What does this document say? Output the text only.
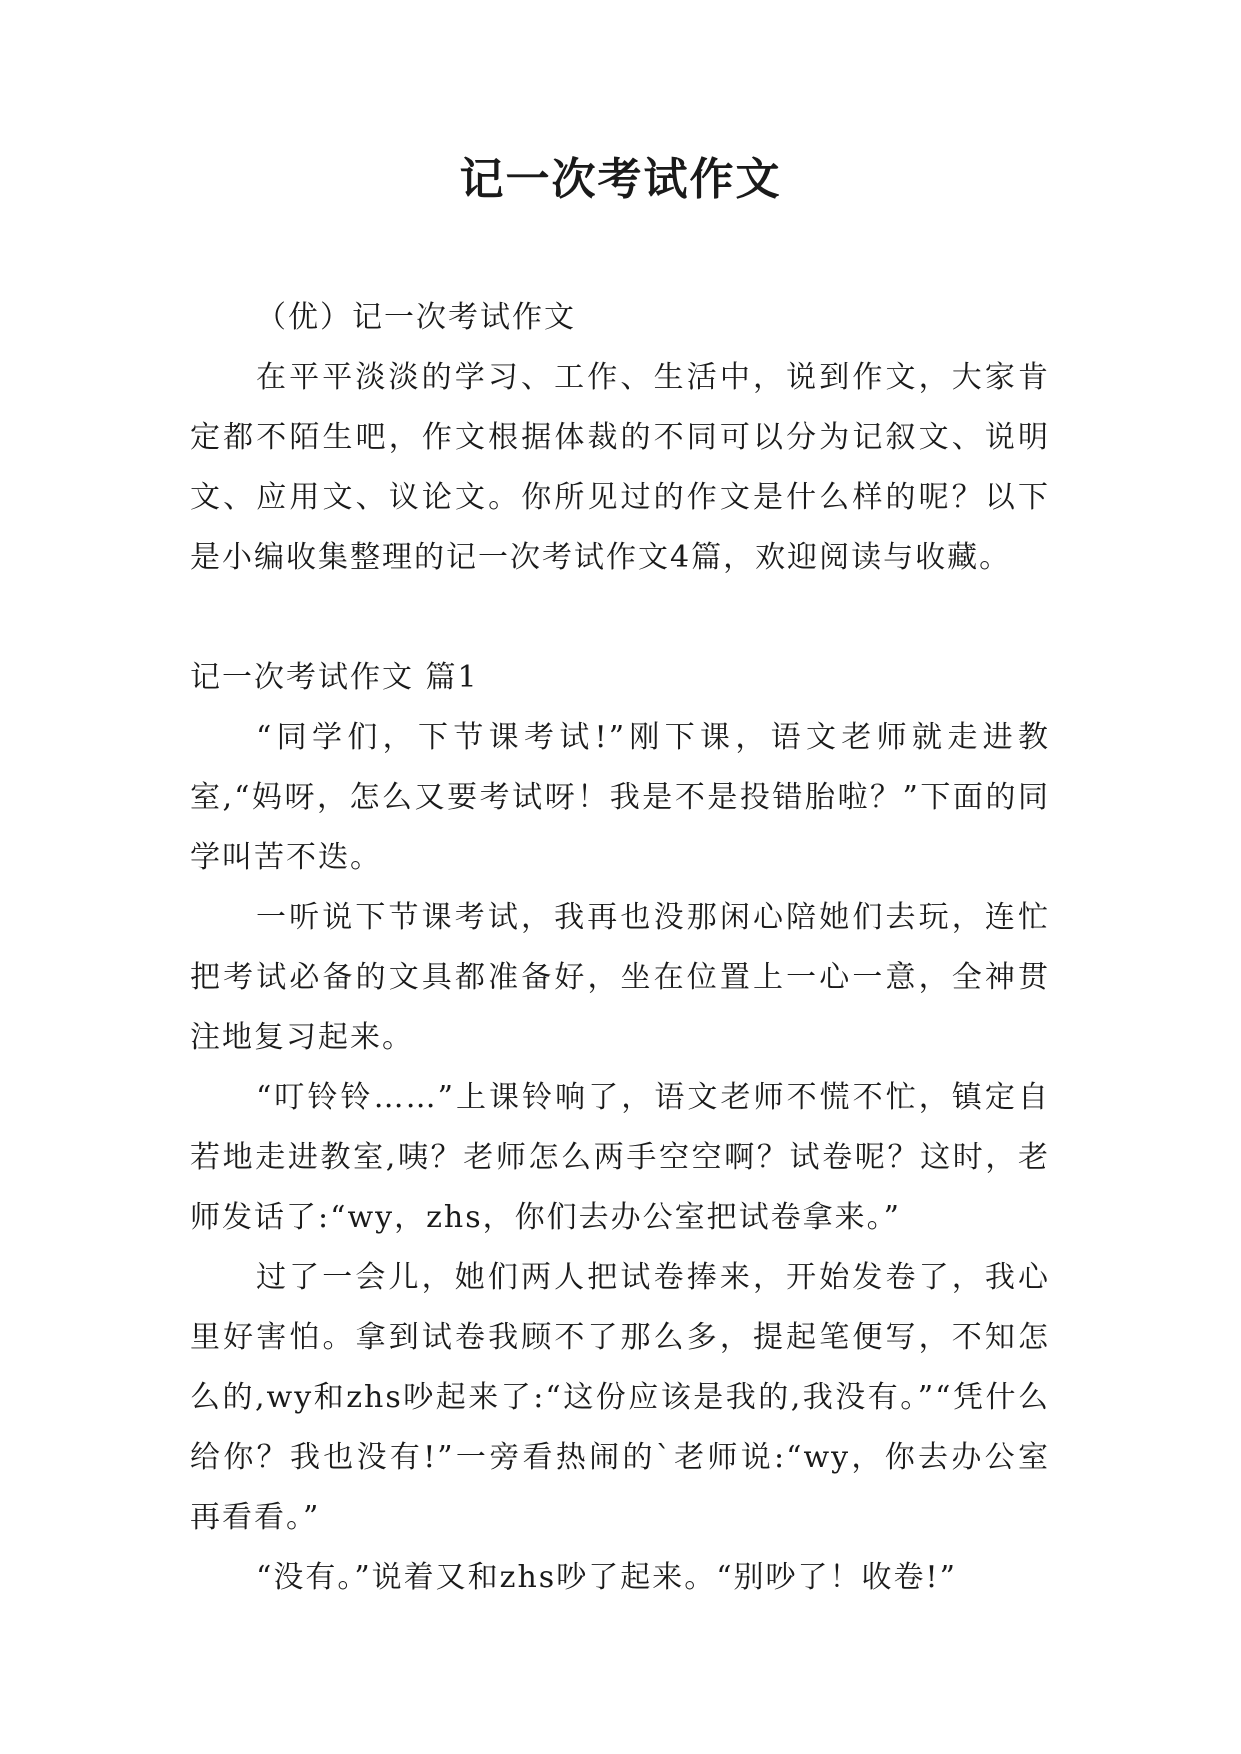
记一次考试作文

（优）记一次考试作文

在平平淡淡的学习、工作、生活中，说到作文，大家肯定都不陌生吧，作文根据体裁的不同可以分为记叙文、说明文、应用文、议论文。你所见过的作文是什么样的呢？以下是小编收集整理的记一次考试作文4篇，欢迎阅读与收藏。

记一次考试作文 篇1

“同学们，下节课考试!”刚下课，语文老师就走进教室,“妈呀，怎么又要考试呀！我是不是投错胎啦？”下面的同学叫苦不迭。

一听说下节课考试，我再也没那闲心陪她们去玩，连忙把考试必备的文具都准备好，坐在位置上一心一意，全神贯注地复习起来。

“叮铃铃……”上课铃响了，语文老师不慌不忙，镇定自若地走进教室,咦？老师怎么两手空空啊？试卷呢？这时，老师发话了:“wy，zhs，你们去办公室把试卷拿来。”

过了一会儿，她们两人把试卷捧来，开始发卷了，我心里好害怕。拿到试卷我顾不了那么多，提起笔便写，不知怎么的,wy和zhs吵起来了:“这份应该是我的,我没有。”“凭什么给你？我也没有!”一旁看热闹的`老师说:“wy，你去办公室再看看。”

“没有。”说着又和zhs吵了起来。“别吵了！收卷!”
